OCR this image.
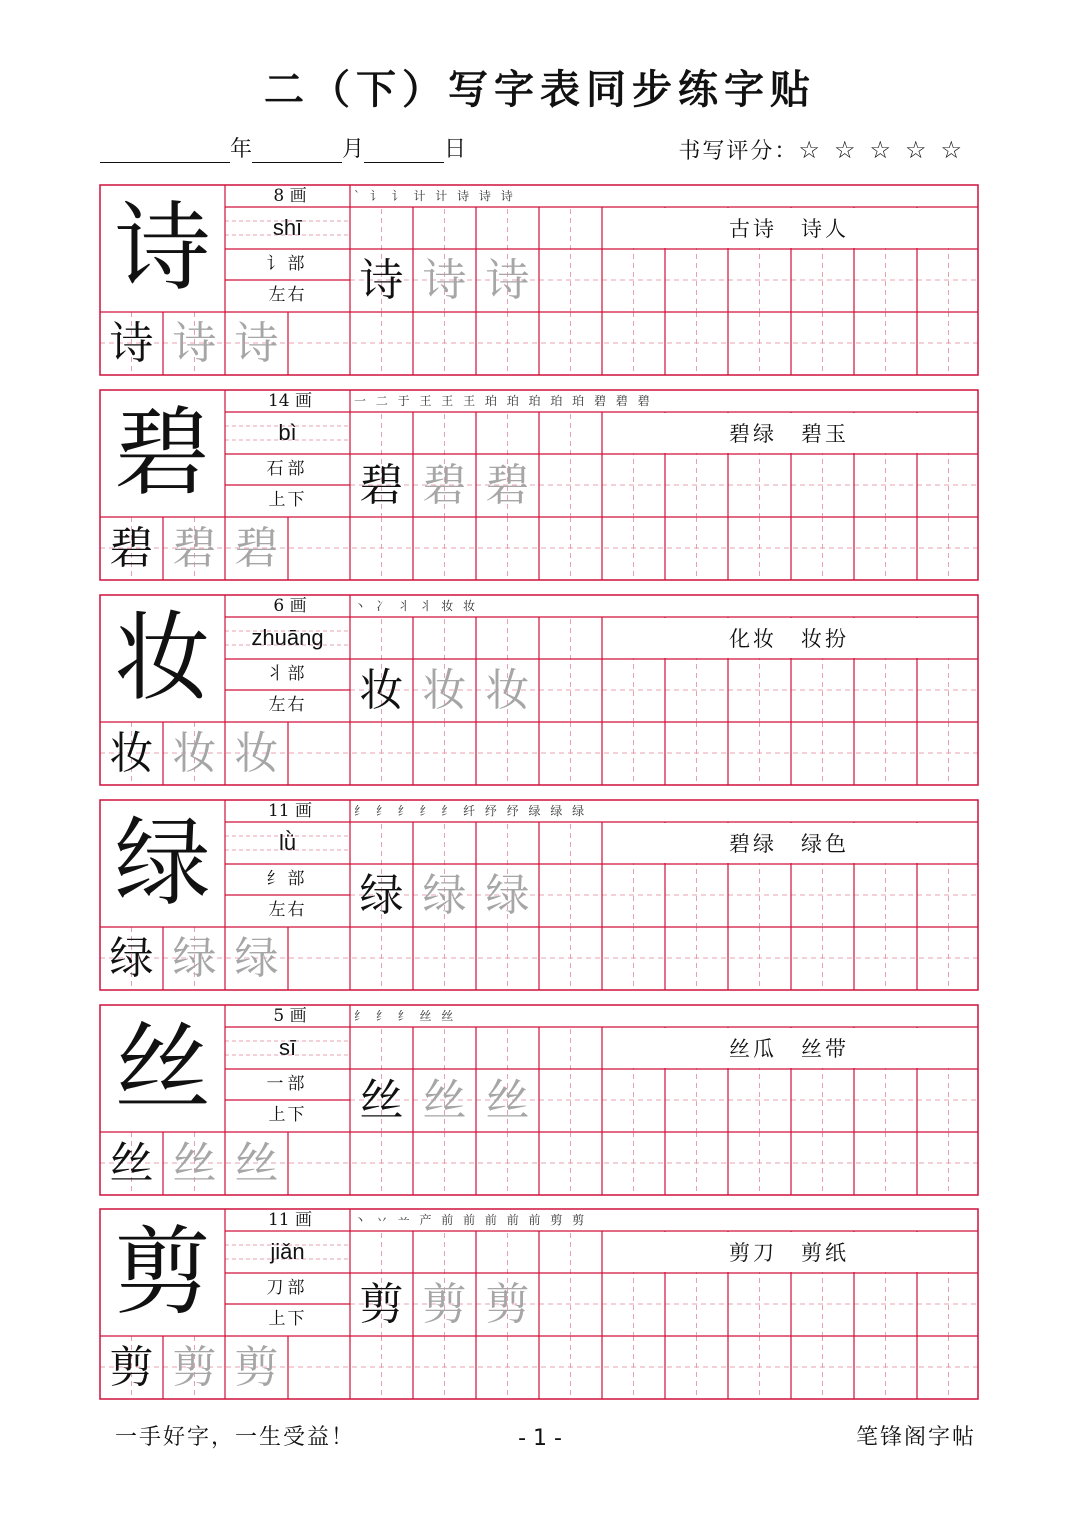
二（下）写字表同步练字贴
年	月	日	书写评分：☆☆☆☆☆
诗	8 画
shī
讠部
左右
` 讠 讠 计 计 诗 诗 诗
古诗　诗人
诗 诗 诗
诗 诗 诗
碧	14 画
bì
石部
上下
一 二 于 王 王 王 珀 珀 珀 珀 珀 碧 碧 碧
碧绿　碧玉
碧 碧 碧
碧 碧 碧
妆	6 画
zhuāng
丬部
左右
丶 冫 丬 丬 妆 妆
化妆　妆扮
妆 妆 妆
妆 妆 妆
绿	11 画
lǜ
纟部
左右
纟 纟 纟 纟 纟 纤 纾 纾 绿 绿 绿
碧绿　绿色
绿 绿 绿
绿 绿 绿
丝	5 画
sī
一部
上下
纟 纟 纟 丝 丝
丝瓜　丝带
丝 丝 丝
丝 丝 丝
剪	11 画
jiǎn
刀部
上下
丶 丷 䒑 产 前 前 前 前 前 剪 剪
剪刀　剪纸
剪 剪 剪
剪 剪 剪
一手好字，一生受益！	- 1 -	笔锋阁字帖
